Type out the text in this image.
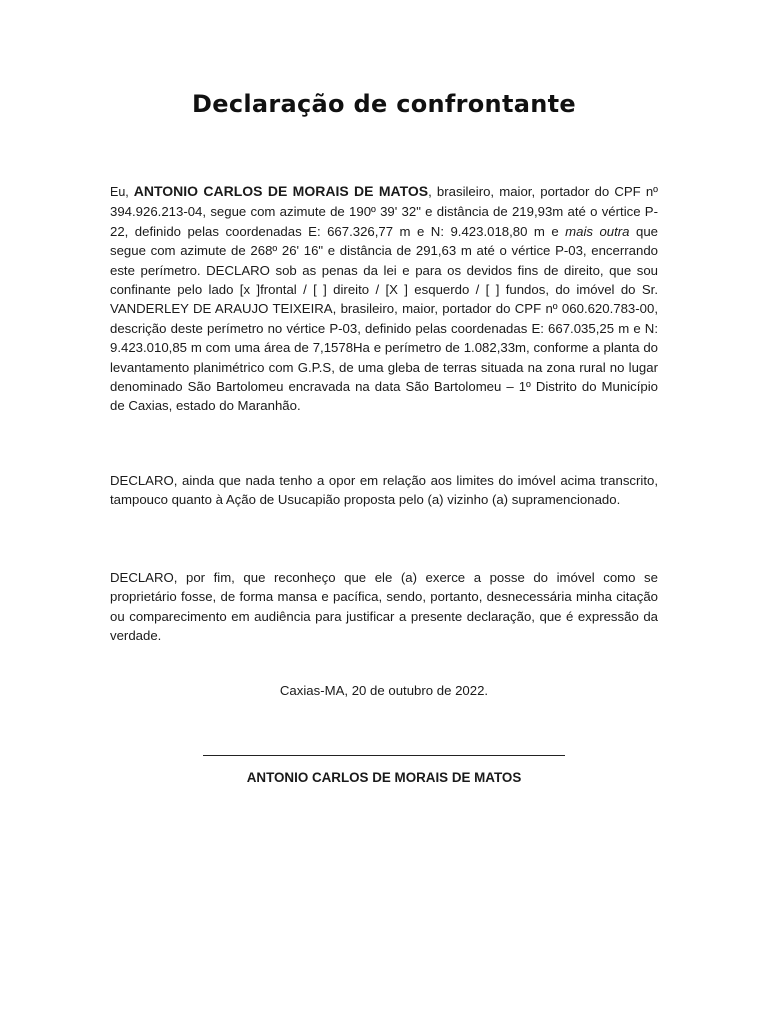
Declaração de confrontante
Eu, ANTONIO CARLOS DE MORAIS DE MATOS, brasileiro, maior, portador do CPF nº 394.926.213-04, segue com azimute de 190º 39' 32" e distância de 219,93m até o vértice P-22, definido pelas coordenadas E: 667.326,77 m e N: 9.423.018,80 m e mais outra que segue com azimute de 268º 26' 16" e distância de 291,63 m até o vértice P-03, encerrando este perímetro. DECLARO sob as penas da lei e para os devidos fins de direito, que sou confinante pelo lado [x ]frontal / [ ] direito / [X ] esquerdo / [ ] fundos, do imóvel do Sr. VANDERLEY DE ARAUJO TEIXEIRA, brasileiro, maior, portador do CPF nº 060.620.783-00, descrição deste perímetro no vértice P-03, definido pelas coordenadas E: 667.035,25 m e N: 9.423.010,85 m com uma área de 7,1578Ha e perímetro de 1.082,33m, conforme a planta do levantamento planimétrico com G.P.S, de uma gleba de terras situada na zona rural no lugar denominado São Bartolomeu encravada na data São Bartolomeu – 1º Distrito do Município de Caxias, estado do Maranhão.
DECLARO, ainda que nada tenho a opor em relação aos limites do imóvel acima transcrito, tampouco quanto à Ação de Usucapião proposta pelo (a) vizinho (a) supramencionado.
DECLARO, por fim, que reconheço que ele (a) exerce a posse do imóvel como se proprietário fosse, de forma mansa e pacífica, sendo, portanto, desnecessária minha citação ou comparecimento em audiência para justificar a presente declaração, que é expressão da verdade.
Caxias-MA, 20 de outubro de 2022.
ANTONIO CARLOS DE MORAIS DE MATOS
